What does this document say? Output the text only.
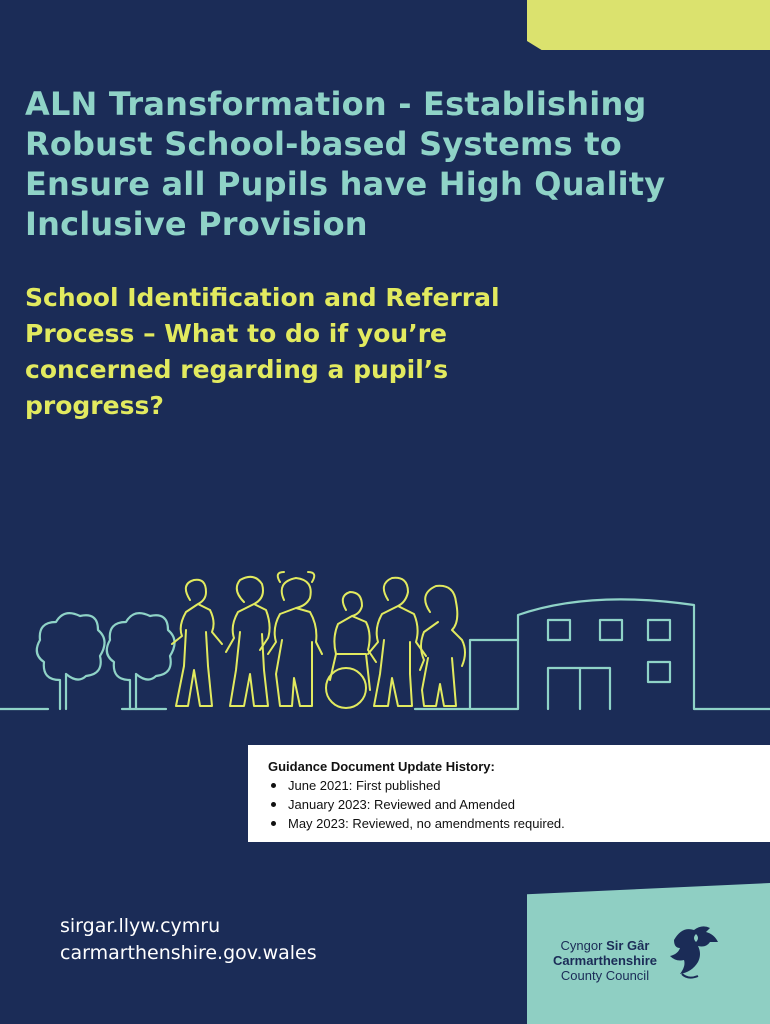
ALN Transformation - Establishing
Robust School-based Systems to
Ensure all Pupils have High Quality
Inclusive Provision
School Identification and Referral
Process – What to do if you’re
concerned regarding a pupil’s
progress?

Guidance Document Update History:

June 2021: First published
January 2023: Reviewed and Amended
May 2023: Reviewed, no amendments required.
sirgar.llyw.cymru
carmarthenshire.gov.wales	Cyngor Sir Gâr
Carmarthenshire
County Council
